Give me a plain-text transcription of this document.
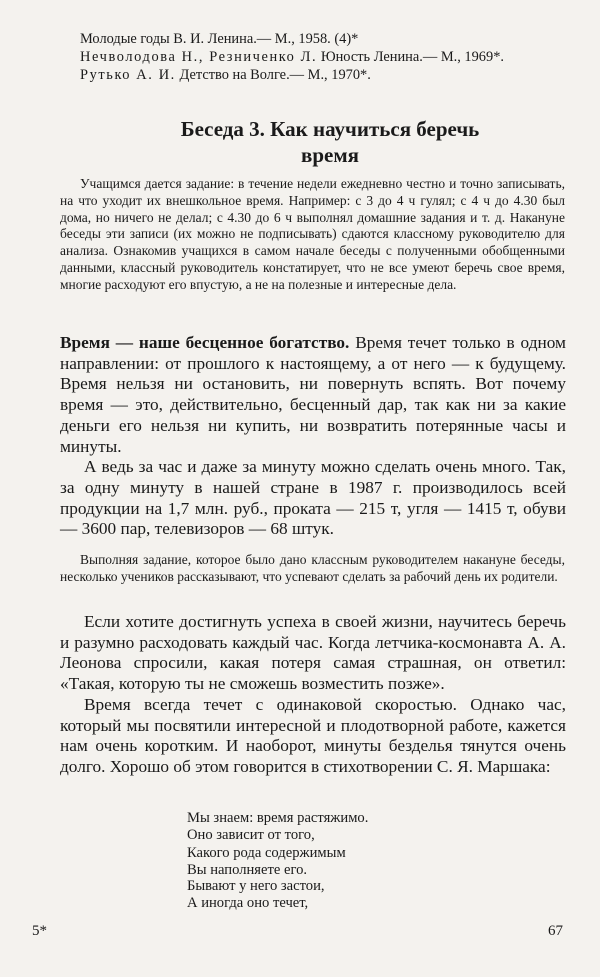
Молодые годы В. И. Ленина.— М., 1958. (4)*

Нечволодова Н., Резниченко Л. Юность Ленина.— М., 1969*.

Рутько А. И. Детство на Волге.— М., 1970*.

Беседа 3. Как научиться беречь
время

Учащимся дается задание: в течение недели ежедневно честно и точно записывать, на что уходит их внешкольное время. Например: с 3 до 4 ч гулял; с 4 ч до 4.30 был дома, но ничего не делал; с 4.30 до 6 ч выполнял домашние задания и т. д. Накануне беседы эти записи (их можно не подписывать) сдаются классному руководителю для анализа. Ознакомив учащихся в самом начале беседы с полученными обобщенными данными, классный руководитель констатирует, что не все умеют беречь свое время, многие расходуют его впустую, а не на полезные и интересные дела.

Время — наше бесценное богатство. Время течет только в одном направлении: от прошлого к настоящему, а от него — к будущему. Время нельзя ни остановить, ни повернуть вспять. Вот почему время — это, действительно, бесценный дар, так как ни за какие деньги его нельзя ни купить, ни возвратить потерянные часы и минуты.

А ведь за час и даже за минуту можно сделать очень много. Так, за одну минуту в нашей стране в 1987 г. производилось всей продукции на 1,7 млн. руб., проката — 215 т, угля — 1415 т, обуви — 3600 пар, телевизоров — 68 штук.

Выполняя задание, которое было дано классным руководителем накануне беседы, несколько учеников рассказывают, что успевают сделать за рабочий день их родители.

Если хотите достигнуть успеха в своей жизни, научитесь беречь и разумно расходовать каждый час. Когда летчика-космонавта А. А. Леонова спросили, какая потеря самая страшная, он ответил: «Такая, которую ты не сможешь возместить позже».

Время всегда течет с одинаковой скоростью. Однако час, который мы посвятили интересной и плодотворной работе, кажется нам очень коротким. И наоборот, минуты безделья тянутся очень долго. Хорошо об этом говорится в стихотворении С. Я. Маршака:

Мы знаем: время растяжимо.
Оно зависит от того,
Какого рода содержимым
Вы наполняете его.
Бывают у него застои,
А иногда оно течет,
5*	67
